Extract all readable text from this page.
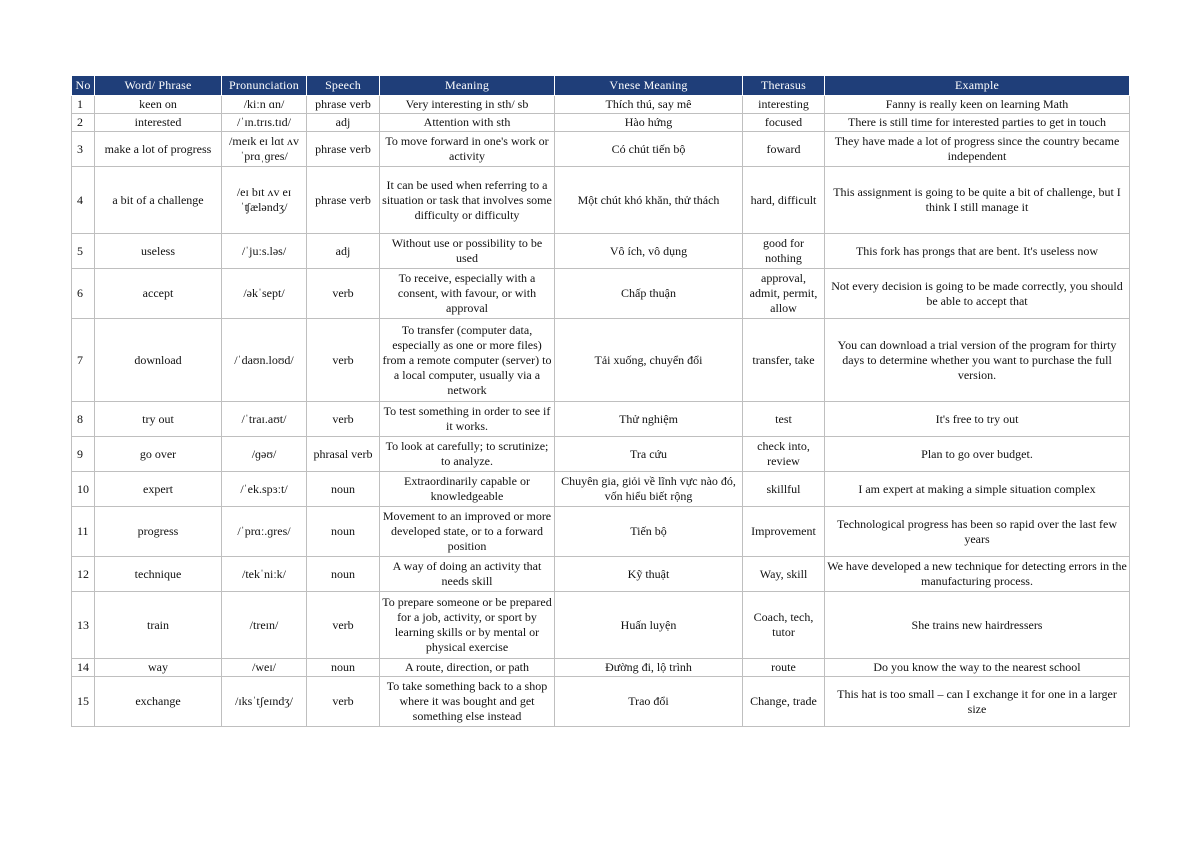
No	Word/ Phrase	Pronunciation	Speech	Meaning	Vnese Meaning	Therasus	Example
1	keen on	/kiːn ɑn/	phrase verb	Very interesting in sth/ sb	Thích thú, say mê	interesting	Fanny is really keen on learning Math
2	interested	/ˈɪn.trɪs.tɪd/	adj	Attention with sth	Hào hứng	focused	There is still time for interested parties to get in touch
3	make a lot of progress	/meɪk eɪ lɑt ʌv ˈprɑˌɡres/	phrase verb	To move forward in one's work or activity	Có chút tiến bộ	foward	They have made a lot of progress since the country became independent
4	a bit of a challenge	/eɪ bɪt ʌv eɪ ˈʧæləndʒ/	phrase verb	It can be used when referring to a situation or task that involves some difficulty or difficulty	Một chút khó khăn, thử thách	hard, difficult	This assignment is going to be quite a bit of challenge, but I think I still manage it
5	useless	/ˈjuːs.ləs/	adj	Without use or possibility to be used	Vô ích, vô dụng	good for nothing	This fork has prongs that are bent. It's useless now
6	accept	/əkˈsept/	verb	To receive, especially with a consent, with favour, or with approval	Chấp thuận	approval, admit, permit, allow	Not every decision is going to be made correctly, you should be able to accept that
7	download	/ˈdaʊn.loʊd/	verb	To transfer (computer data, especially as one or more files) from a remote computer (server) to a local computer, usually via a network	Tải xuống, chuyển đổi	transfer, take	You can download a trial version of the program for thirty days to determine whether you want to purchase the full version.
8	try out	/ˈtraɪ.aʊt/	verb	To test something in order to see if it works.	Thử nghiệm	test	It's free to try out
9	go over	/ɡəʊ/	phrasal verb	To look at carefully; to scrutinize; to analyze.	Tra cứu	check into, review	Plan to go over budget.
10	expert	/ˈek.spɜːt/	noun	Extraordinarily capable or knowledgeable	Chuyên gia, giỏi về lĩnh vực nào đó, vốn hiểu biết rộng	skillful	I am expert at making a simple situation complex
11	progress	/ˈprɑː.ɡres/	noun	Movement to an improved or more developed state, or to a forward position	Tiến bộ	Improvement	Technological progress has been so rapid over the last few years
12	technique	/tekˈniːk/	noun	A way of doing an activity that needs skill	Kỹ thuật	Way, skill	We have developed a new technique for detecting errors in the manufacturing process.
13	train	/treɪn/	verb	To prepare someone or be prepared for a job, activity, or sport by learning skills or by mental or physical exercise	Huấn luyện	Coach, tech, tutor	She trains new hairdressers
14	way	/weɪ/	noun	A route, direction, or path	Đường đi, lộ trình	route	Do you know the way to the nearest school
15	exchange	/ɪksˈtʃeɪndʒ/	verb	To take something back to a shop where it was bought and get something else instead	Trao đổi	Change, trade	This hat is too small – can I exchange it for one in a larger size
